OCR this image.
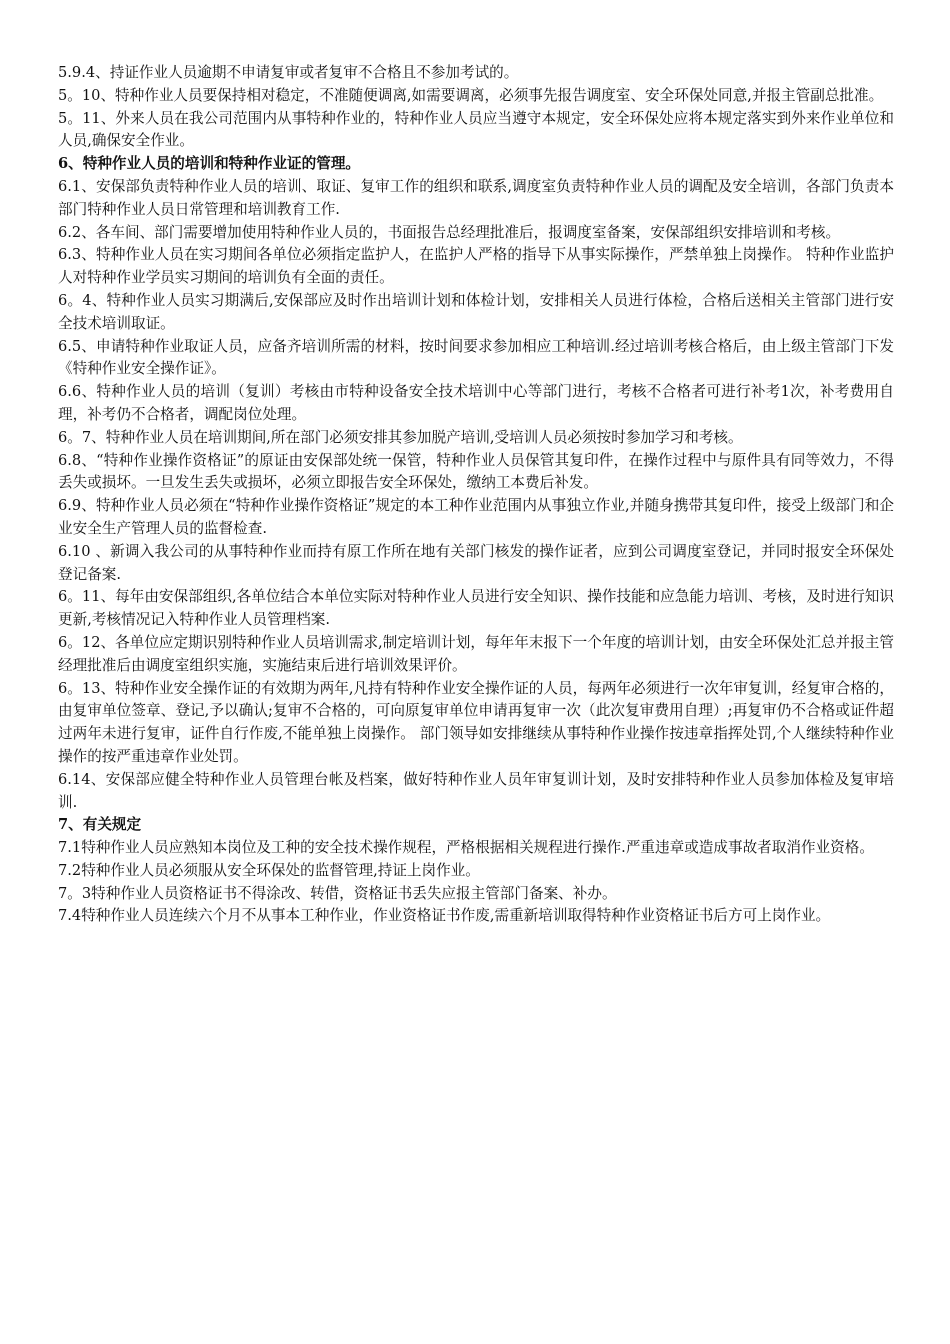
5.9.4、持证作业人员逾期不申请复审或者复审不合格且不参加考试的。

5。10、特种作业人员要保持相对稳定，不准随便调离,如需要调离，必须事先报告调度室、安全环保处同意,并报主管副总批准。

5。11、外来人员在我公司范围内从事特种作业的，特种作业人员应当遵守本规定，安全环保处应将本规定落实到外来作业单位和人员,确保安全作业。

6、特种作业人员的培训和特种作业证的管理。

6.1、安保部负责特种作业人员的培训、取证、复审工作的组织和联系,调度室负责特种作业人员的调配及安全培训，各部门负责本部门特种作业人员日常管理和培训教育工作.

6.2、各车间、部门需要增加使用特种作业人员的，书面报告总经理批准后，报调度室备案，安保部组织安排培训和考核。

6.3、特种作业人员在实习期间各单位必须指定监护人，在监护人严格的指导下从事实际操作，严禁单独上岗操作。 特种作业监护人对特种作业学员实习期间的培训负有全面的责任。

6。4、特种作业人员实习期满后,安保部应及时作出培训计划和体检计划，安排相关人员进行体检，合格后送相关主管部门进行安全技术培训取证。

6.5、申请特种作业取证人员，应备齐培训所需的材料，按时间要求参加相应工种培训.经过培训考核合格后，由上级主管部门下发《特种作业安全操作证》。

6.6、特种作业人员的培训（复训）考核由市特种设备安全技术培训中心等部门进行，考核不合格者可进行补考1次，补考费用自理，补考仍不合格者，调配岗位处理。

6。7、特种作业人员在培训期间,所在部门必须安排其参加脱产培训,受培训人员必须按时参加学习和考核。

6.8、“特种作业操作资格证”的原证由安保部处统一保管，特种作业人员保管其复印件，在操作过程中与原件具有同等效力，不得丢失或损坏。一旦发生丢失或损坏，必须立即报告安全环保处，缴纳工本费后补发。

6.9、特种作业人员必须在“特种作业操作资格证”规定的本工种作业范围内从事独立作业,并随身携带其复印件，接受上级部门和企业安全生产管理人员的监督检查.

6.10 、新调入我公司的从事特种作业而持有原工作所在地有关部门核发的操作证者，应到公司调度室登记，并同时报安全环保处登记备案.

6。11、每年由安保部组织,各单位结合本单位实际对特种作业人员进行安全知识、操作技能和应急能力培训、考核，及时进行知识更新,考核情况记入特种作业人员管理档案.

6。12、各单位应定期识别特种作业人员培训需求,制定培训计划，每年年末报下一个年度的培训计划，由安全环保处汇总并报主管经理批准后由调度室组织实施，实施结束后进行培训效果评价。

6。13、特种作业安全操作证的有效期为两年,凡持有特种作业安全操作证的人员，每两年必须进行一次年审复训，经复审合格的，由复审单位签章、登记,予以确认;复审不合格的，可向原复审单位申请再复审一次（此次复审费用自理）;再复审仍不合格或证件超过两年未进行复审，证件自行作废,不能单独上岗操作。 部门领导如安排继续从事特种作业操作按违章指挥处罚,个人继续特种作业操作的按严重违章作业处罚。

6.14、安保部应健全特种作业人员管理台帐及档案，做好特种作业人员年审复训计划，及时安排特种作业人员参加体检及复审培训.

7、有关规定

7.1特种作业人员应熟知本岗位及工种的安全技术操作规程，严格根据相关规程进行操作.严重违章或造成事故者取消作业资格。

7.2特种作业人员必须服从安全环保处的监督管理,持证上岗作业。

7。3特种作业人员资格证书不得涂改、转借，资格证书丢失应报主管部门备案、补办。

7.4特种作业人员连续六个月不从事本工种作业，作业资格证书作废,需重新培训取得特种作业资格证书后方可上岗作业。
